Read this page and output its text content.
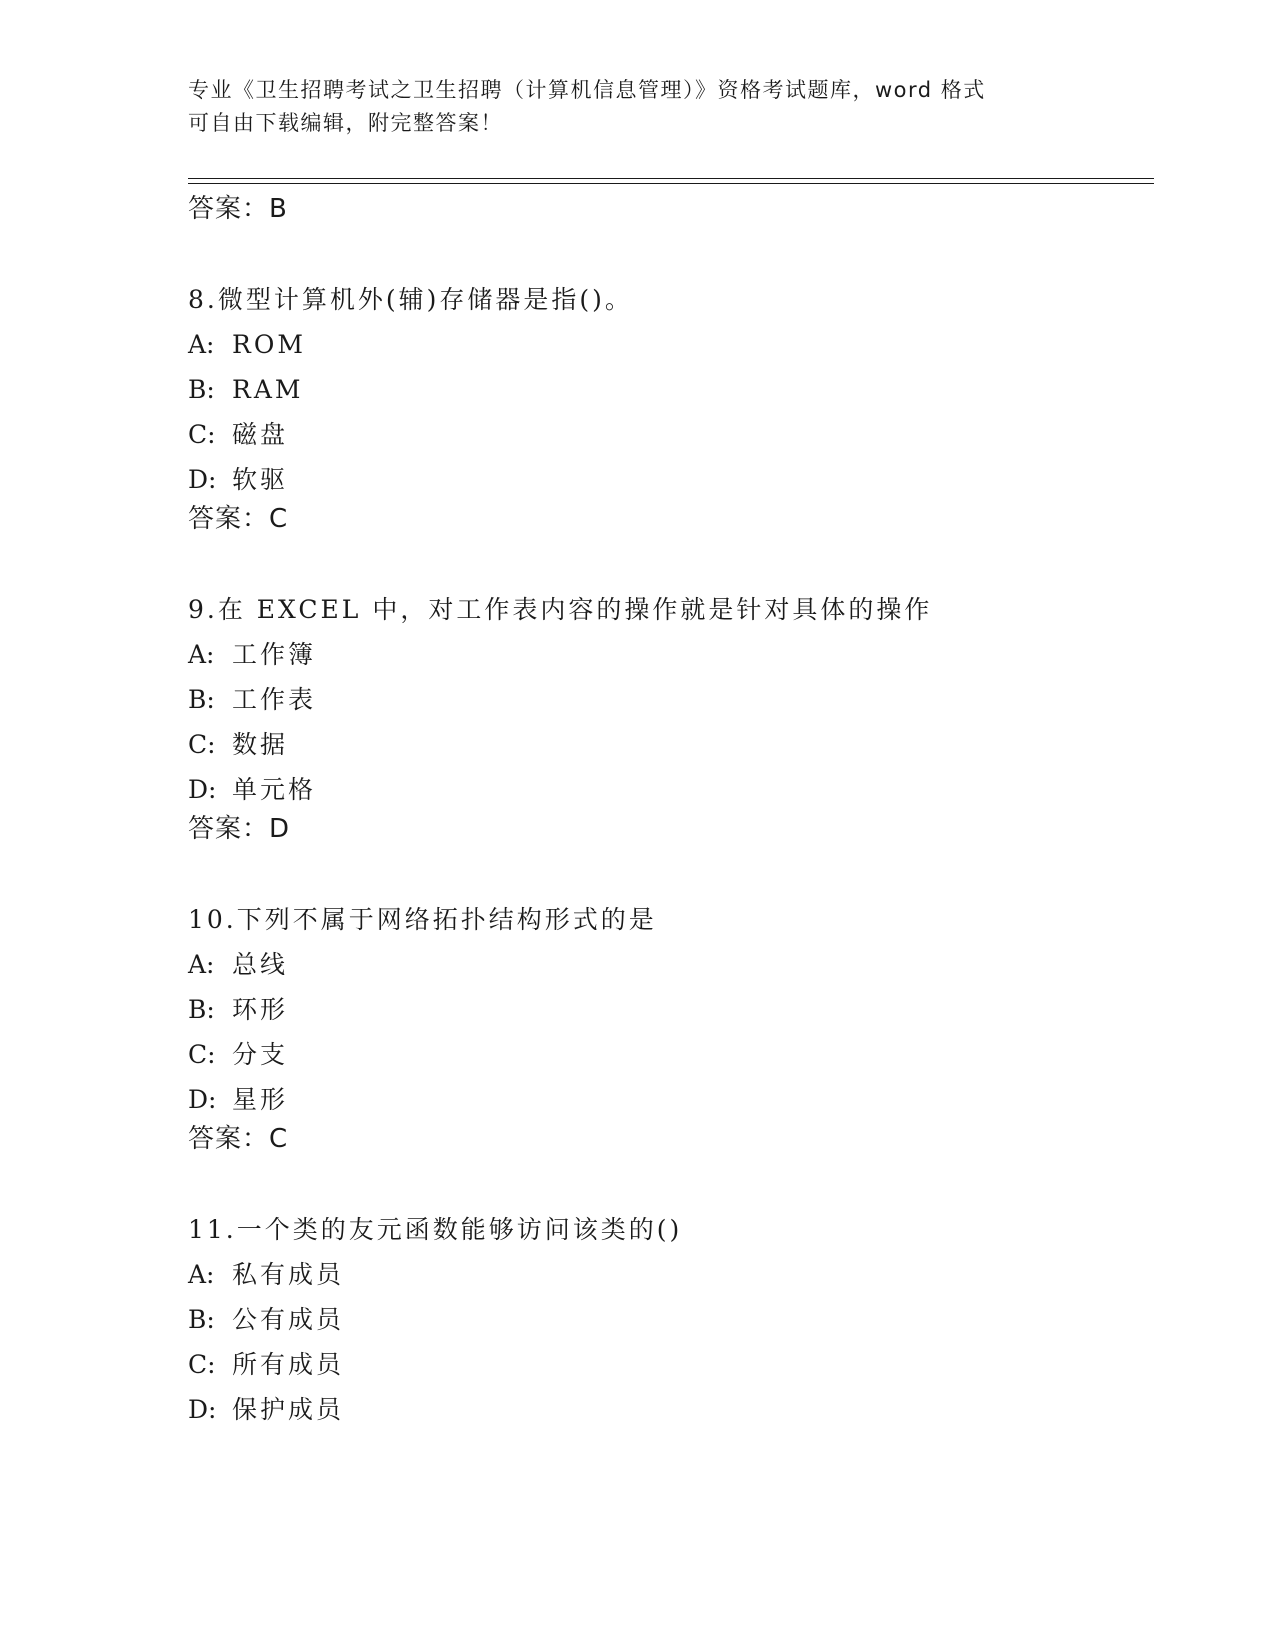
专业《卫生招聘考试之卫生招聘（计算机信息管理）》资格考试题库，word 格式
可自由下载编辑，附完整答案！
答案：B

8.微型计算机外(辅)存储器是指()。

A: ROM

B: RAM

C: 磁盘

D: 软驱

答案：C

9.在 EXCEL 中，对工作表内容的操作就是针对具体的操作

A: 工作簿

B: 工作表

C: 数据

D: 单元格

答案：D

10.下列不属于网络拓扑结构形式的是

A: 总线

B: 环形

C: 分支

D: 星形

答案：C

11.一个类的友元函数能够访问该类的()

A: 私有成员

B: 公有成员

C: 所有成员

D: 保护成员
